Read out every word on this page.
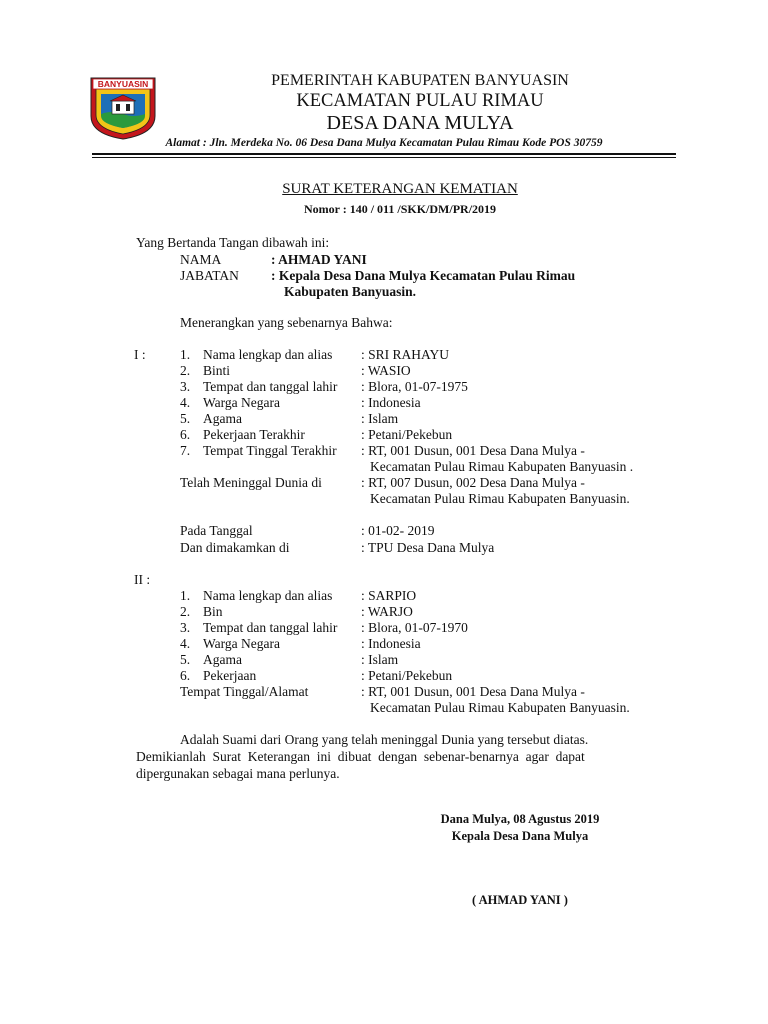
BANYUASIN	PEMERINTAH KABUPATEN BANYUASIN
KECAMATAN PULAU RIMAU
DESA DANA MULYA
Alamat : Jln. Merdeka No. 06 Desa Dana Mulya Kecamatan Pulau Rimau Kode POS 30759
SURAT KETERANGAN KEMATIAN
Nomor : 140 / 011 /SKK/DM/PR/2019
Yang Bertanda Tangan dibawah ini:
NAMA	: AHMAD YANI
JABATAN : Kepala Desa Dana Mulya Kecamatan Pulau Rimau
Kabupaten Banyuasin.
Menerangkan yang sebenarnya Bahwa:
I :	1. Nama lengkap dan alias : SRI RAHAYU
2. Binti	: WASIO
3. Tempat dan tanggal lahir : Blora, 01-07-1975
4. Warga Negara	: Indonesia
5. Agama	: Islam
6. Pekerjaan Terakhir	: Petani/Pekebun
7. Tempat Tinggal Terakhir : RT, 001 Dusun, 001 Desa Dana Mulya -
Kecamatan Pulau Rimau Kabupaten Banyuasin .
Telah Meninggal Dunia di	: RT, 007 Dusun, 002 Desa Dana Mulya -
Kecamatan Pulau Rimau Kabupaten Banyuasin.
Pada Tanggal	: 01-02- 2019
Dan dimakamkan di	: TPU Desa Dana Mulya
II :
1. Nama lengkap dan alias : SARPIO
2. Bin	: WARJO
3. Tempat dan tanggal lahir : Blora, 01-07-1970
4. Warga Negara	: Indonesia
5. Agama	: Islam
6. Pekerjaan	: Petani/Pekebun
Tempat Tinggal/Alamat	: RT, 001 Dusun, 001 Desa Dana Mulya -
Kecamatan Pulau Rimau Kabupaten Banyuasin.
Adalah Suami dari Orang yang telah meninggal Dunia yang tersebut diatas.
Demikianlah  Surat  Keterangan  ini  dibuat  dengan  sebenar-benarnya  agar  dapat
dipergunakan sebagai mana perlunya.
Dana Mulya, 08 Agustus 2019
Kepala Desa Dana Mulya
( AHMAD YANI )
